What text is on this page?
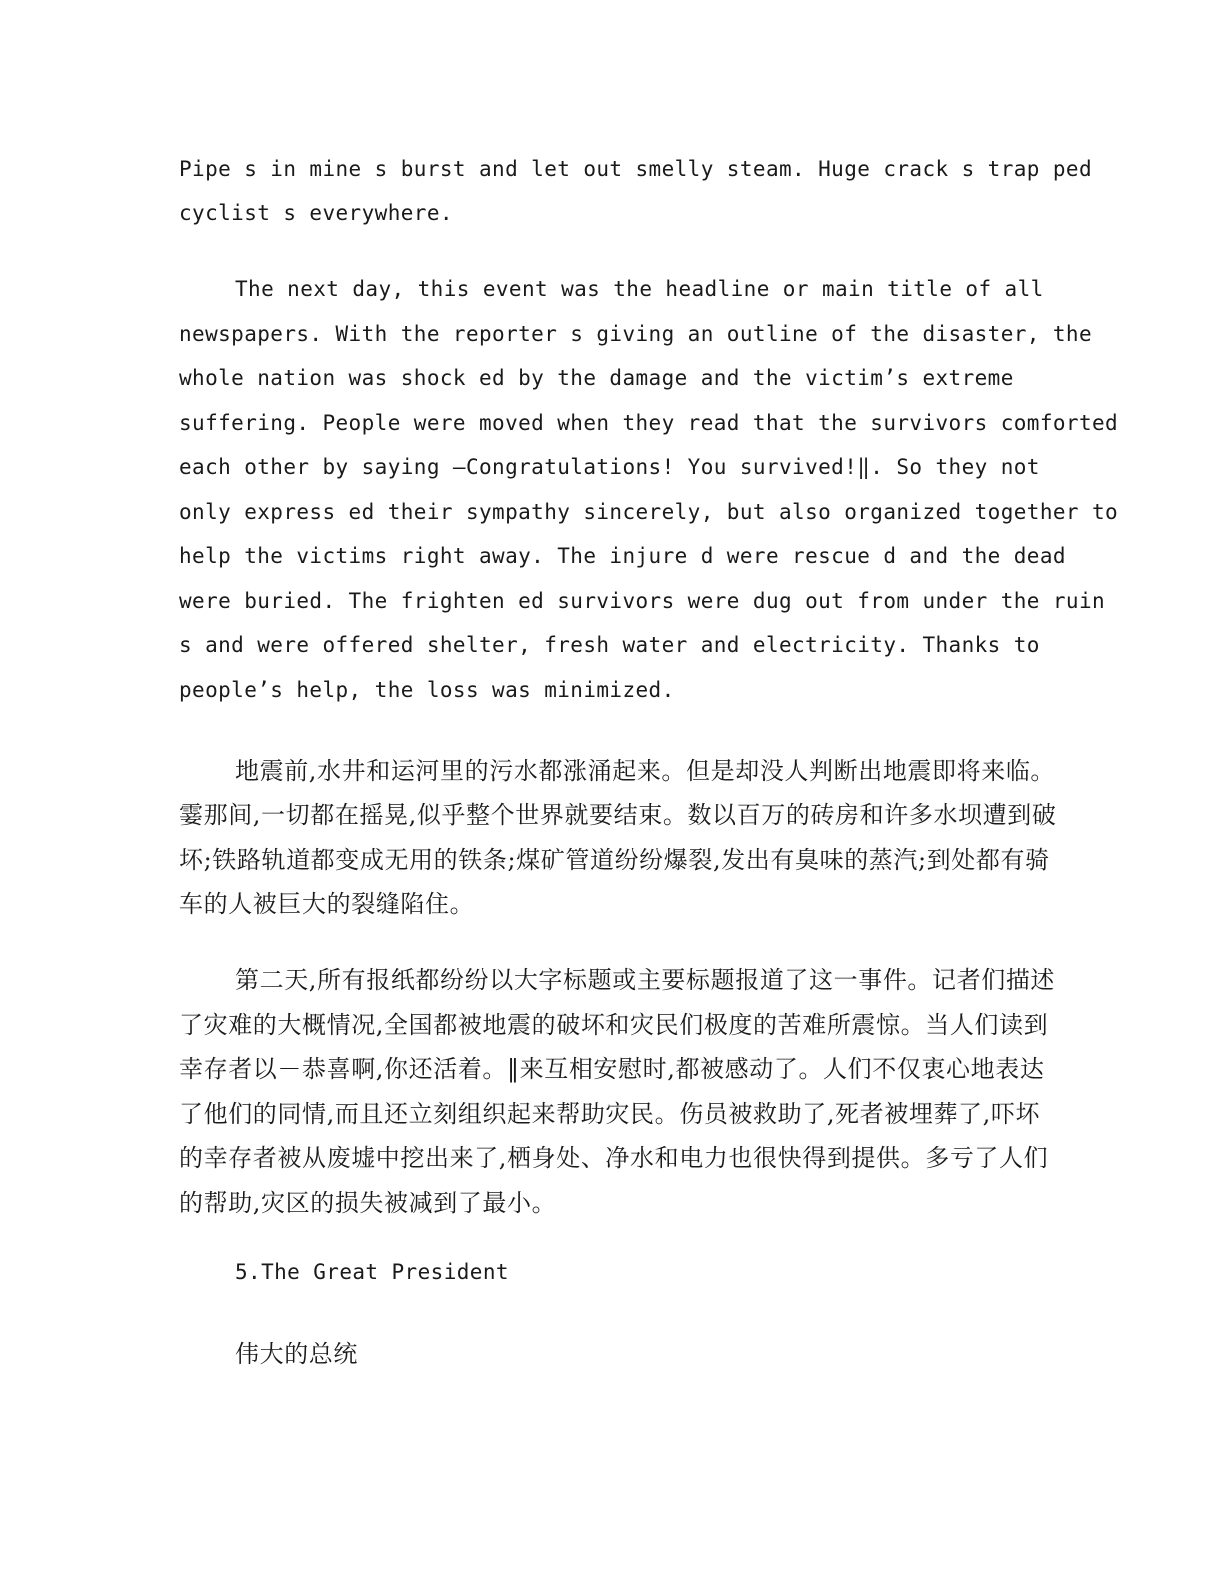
Pipe s in mine s burst and let out smelly steam. Huge crack s trap ped

cyclist s everywhere.

The next day, this event was the headline or main title of all

newspapers. With the reporter s giving an outline of the disaster, the

whole nation was shock ed by the damage and the victim’s extreme

suffering. People were moved when they read that the survivors comforted

each other by saying —Congratulations! You survived!‖. So they not

only express ed their sympathy sincerely, but also organized together to

help the victims right away. The injure d were rescue d and the dead

were buried. The frighten ed survivors were dug out from under the ruin

s and were offered shelter, fresh water and electricity. Thanks to

people’s help, the loss was minimized.

地震前,水井和运河里的污水都涨涌起来。但是却没人判断出地震即将来临。

霎那间,一切都在摇晃,似乎整个世界就要结束。数以百万的砖房和许多水坝遭到破

坏;铁路轨道都变成无用的铁条;煤矿管道纷纷爆裂,发出有臭味的蒸汽;到处都有骑

车的人被巨大的裂缝陷住。

第二天,所有报纸都纷纷以大字标题或主要标题报道了这一事件。记者们描述

了灾难的大概情况,全国都被地震的破坏和灾民们极度的苦难所震惊。当人们读到

幸存者以－恭喜啊,你还活着。‖来互相安慰时,都被感动了。人们不仅衷心地表达

了他们的同情,而且还立刻组织起来帮助灾民。伤员被救助了,死者被埋葬了,吓坏

的幸存者被从废墟中挖出来了,栖身处、净水和电力也很快得到提供。多亏了人们

的帮助,灾区的损失被减到了最小。

5.The Great President

伟大的总统
